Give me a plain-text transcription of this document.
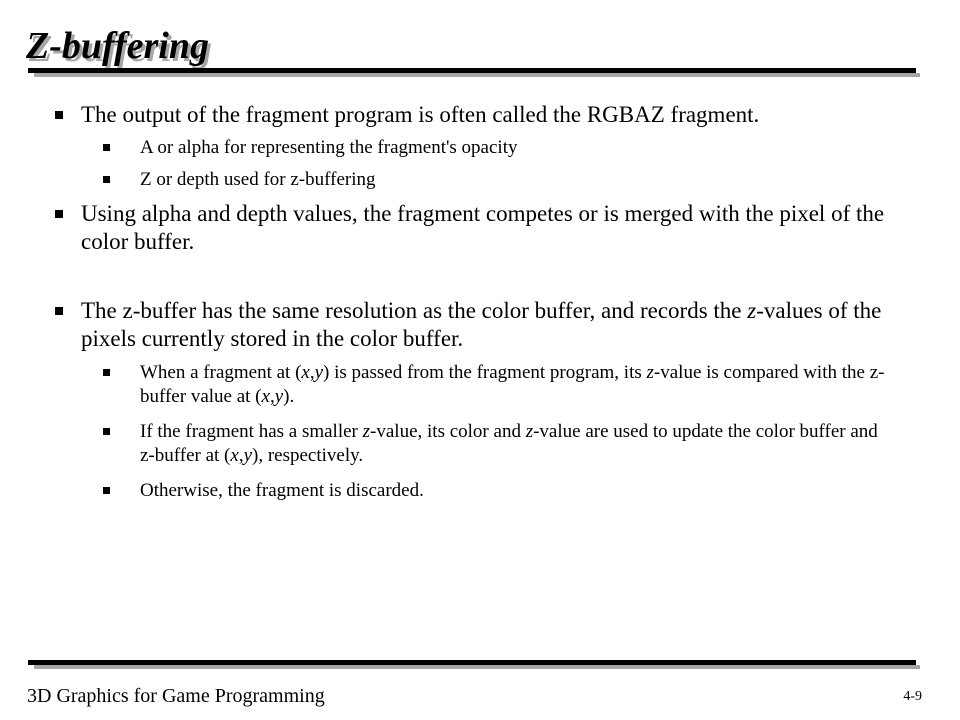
Z-buffering
The output of the fragment program is often called the RGBAZ fragment.
A or alpha for representing the fragment's opacity
Z or depth used for z-buffering
Using alpha and depth values, the fragment competes or is merged with the pixel of the color buffer.
The z-buffer has the same resolution as the color buffer, and records the z-values of the pixels currently stored in the color buffer.
When a fragment at (x,y) is passed from the fragment program, its z-value is compared with the z-buffer value at (x,y).
If the fragment has a smaller z-value, its color and z-value are used to update the color buffer and z-buffer at (x,y), respectively.
Otherwise, the fragment is discarded.
3D Graphics for Game Programming	4-9
